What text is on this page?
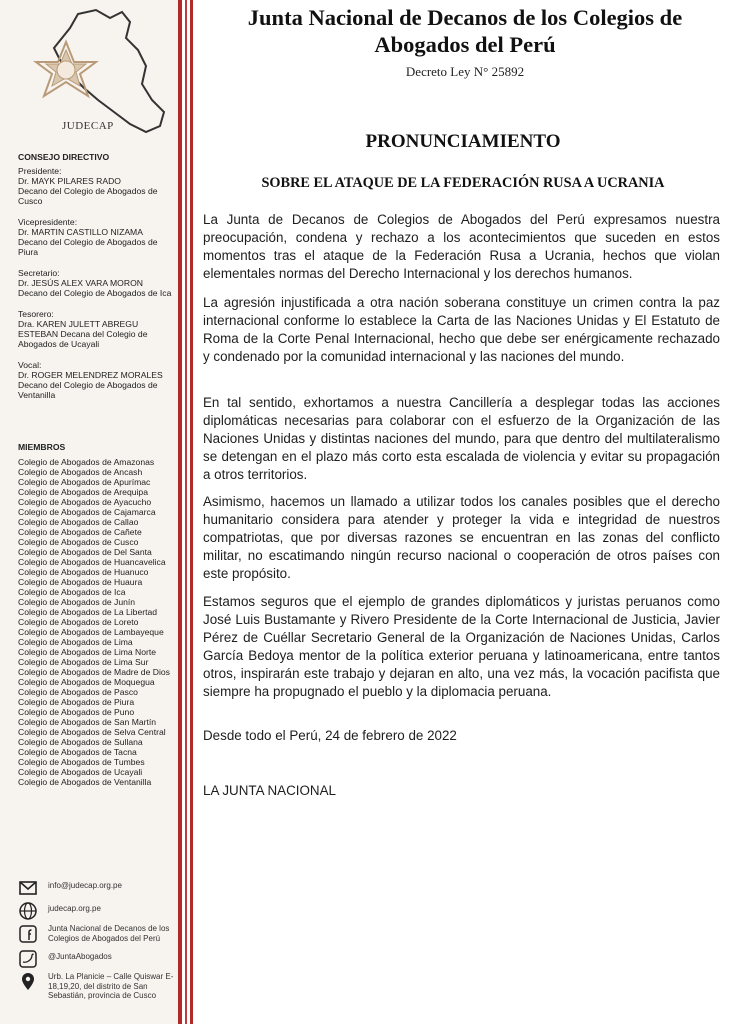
JUDECAP
CONSEJO DIRECTIVO
Presidente:
Dr. MAYK PILARES RADO
Decano del Colegio de Abogados de Cusco
Vicepresidente:
Dr. MARTIN CASTILLO NIZAMA
Decano del Colegio de Abogados de Piura
Secretario:
Dr. JESÚS ALEX VARA MORON
Decano del Colegio de Abogados de Ica
Tesorero:
Dra. KAREN JULETT ABREGU ESTEBAN Decana del Colegio de Abogados de Ucayali
Vocal:
Dr. ROGER MELENDREZ MORALES Decano del Colegio de Abogados de Ventanilla
MIEMBROS
Colegio de Abogados de Amazonas
Colegio de Abogados de Ancash
Colegio de Abogados de Apurímac
Colegio de Abogados de Arequipa
Colegio de Abogados de Ayacucho
Colegio de Abogados de Cajamarca
Colegio de Abogados de Callao
Colegio de Abogados de Cañete
Colegio de Abogados de Cusco
Colegio de Abogados de Del Santa
Colegio de Abogados de Huancavelica
Colegio de Abogados de Huanuco
Colegio de Abogados de Huaura
Colegio de Abogados de Ica
Colegio de Abogados de Junín
Colegio de Abogados de La Libertad
Colegio de Abogados de Loreto
Colegio de Abogados de Lambayeque
Colegio de Abogados de Lima
Colegio de Abogados de Lima Norte
Colegio de Abogados de Lima Sur
Colegio de Abogados de Madre de Dios
Colegio de Abogados de Moquegua
Colegio de Abogados de Pasco
Colegio de Abogados de Piura
Colegio de Abogados de Puno
Colegio de Abogados de San Martín
Colegio de Abogados de Selva Central
Colegio de Abogados de Sullana
Colegio de Abogados de Tacna
Colegio de Abogados de Tumbes
Colegio de Abogados de Ucayali
Colegio de Abogados de Ventanilla
info@judecap.org.pe
judecap.org.pe
Junta Nacional de Decanos de los Colegios de Abogados del Perú
@JuntaAbogados
Urb. La Planicie – Calle Quiswar E- 18,19,20, del distrito de San Sebastián, provincia de Cusco
Junta Nacional de Decanos de los Colegios de Abogados del Perú
Decreto Ley N° 25892
PRONUNCIAMIENTO
SOBRE EL ATAQUE DE LA FEDERACIÓN RUSA A UCRANIA

La Junta de Decanos de Colegios de Abogados del Perú expresamos nuestra preocupación, condena y rechazo a los acontecimientos que suceden en estos momentos tras el ataque de la Federación Rusa a Ucrania, hechos que violan elementales normas del Derecho Internacional y los derechos humanos.

La agresión injustificada a otra nación soberana constituye un crimen contra la paz internacional conforme lo establece la Carta de las Naciones Unidas y El Estatuto de Roma de la Corte Penal Internacional, hecho que debe ser enérgicamente rechazado y condenado por la comunidad internacional y las naciones del mundo.

En tal sentido, exhortamos a nuestra Cancillería a desplegar todas las acciones diplomáticas necesarias para colaborar con el esfuerzo de la Organización de las Naciones Unidas y distintas naciones del mundo, para que dentro del multilateralismo se detengan en el plazo más corto esta escalada de violencia y evitar su propagación a otros territorios.

Asimismo, hacemos un llamado a utilizar todos los canales posibles que el derecho humanitario considera para atender y proteger la vida e integridad de nuestros compatriotas, que por diversas razones se encuentran en las zonas del conflicto militar, no escatimando ningún recurso nacional o cooperación de otros países con este propósito.

Estamos seguros que el ejemplo de grandes diplomáticos y juristas peruanos como José Luis Bustamante y Rivero Presidente de la Corte Internacional de Justicia, Javier Pérez de Cuéllar Secretario General de la Organización de Naciones Unidas, Carlos García Bedoya mentor de la política exterior peruana y latinoamericana, entre tantos otros, inspirarán este trabajo y dejaran en alto, una vez más, la vocación pacifista que siempre ha propugnado el pueblo y la diplomacia peruana.

Desde todo el Perú, 24 de febrero de 2022

LA JUNTA NACIONAL
